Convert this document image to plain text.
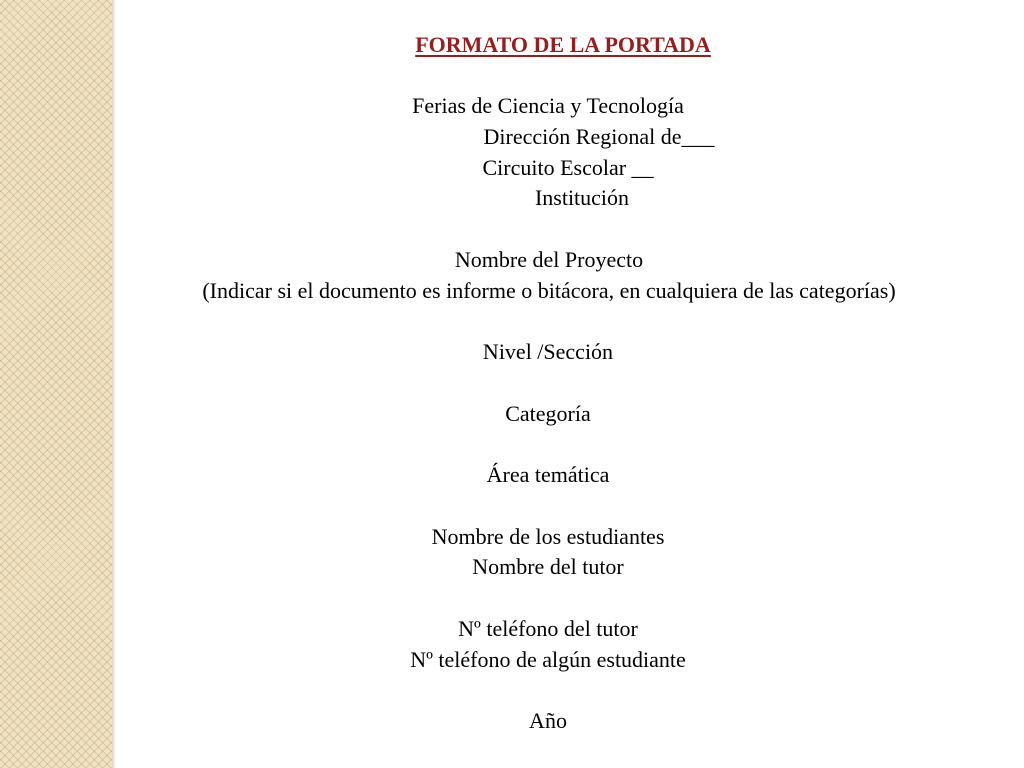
FORMATO DE LA PORTADA
Ferias de Ciencia y Tecnología
Dirección Regional de___
Circuito Escolar __
Institución
Nombre del Proyecto
(Indicar si el documento es informe o bitácora, en cualquiera de las categorías)
Nivel /Sección
Categoría
Área temática
Nombre de los estudiantes
Nombre del tutor
Nº teléfono del tutor
Nº teléfono de algún estudiante
Año
